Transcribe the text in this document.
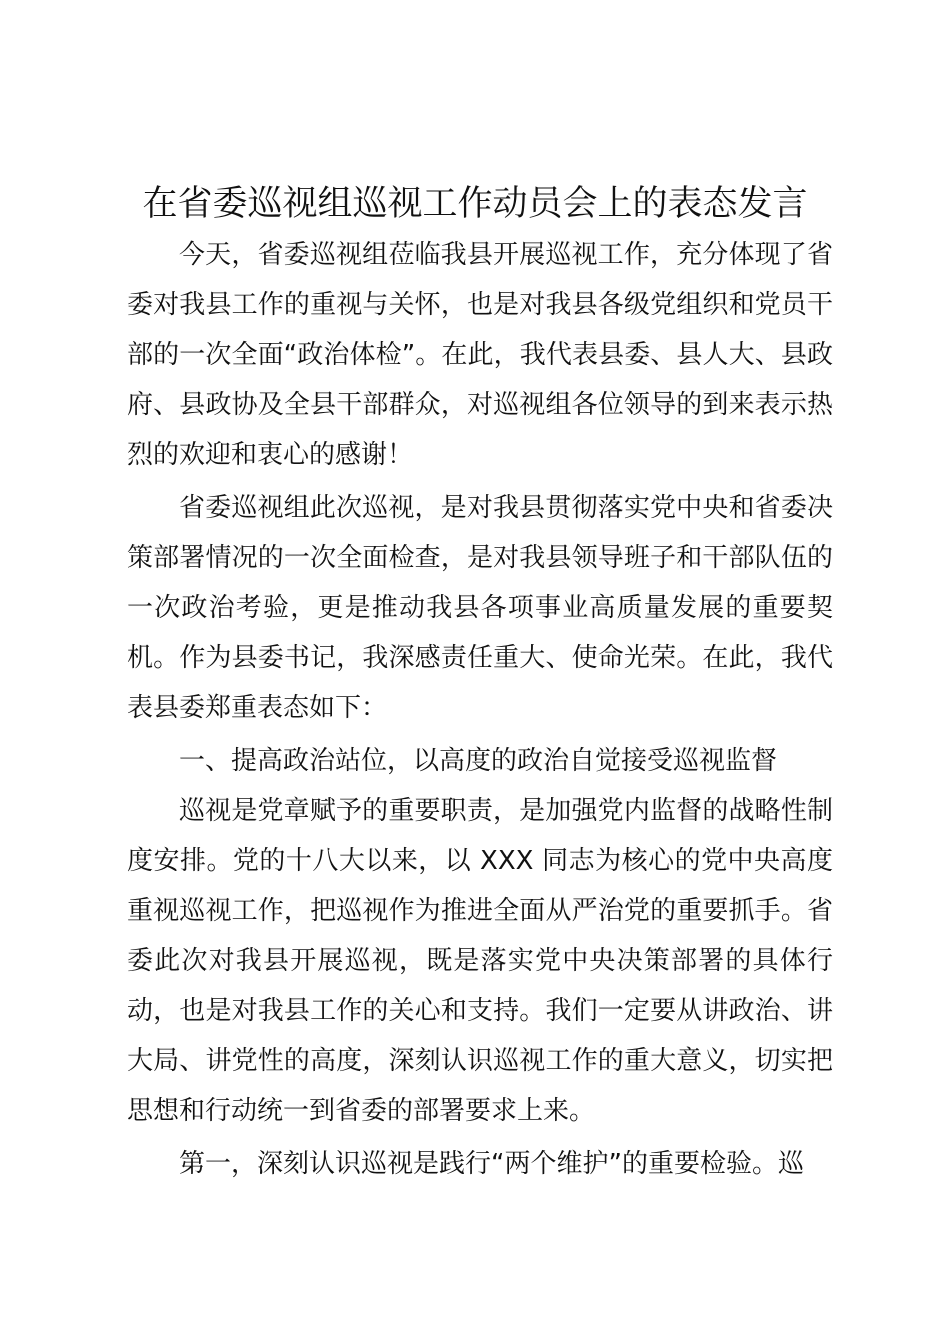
在省委巡视组巡视工作动员会上的表态发言

今天，省委巡视组莅临我县开展巡视工作，充分体现了省委对我县工作的重视与关怀，也是对我县各级党组织和党员干部的一次全面“政治体检”。在此，我代表县委、县人大、县政府、县政协及全县干部群众，对巡视组各位领导的到来表示热烈的欢迎和衷心的感谢！

省委巡视组此次巡视，是对我县贯彻落实党中央和省委决策部署情况的一次全面检查，是对我县领导班子和干部队伍的一次政治考验，更是推动我县各项事业高质量发展的重要契机。作为县委书记，我深感责任重大、使命光荣。在此，我代表县委郑重表态如下：

一、提高政治站位，以高度的政治自觉接受巡视监督

巡视是党章赋予的重要职责，是加强党内监督的战略性制度安排。党的十八大以来，以 XXX 同志为核心的党中央高度重视巡视工作，把巡视作为推进全面从严治党的重要抓手。省委此次对我县开展巡视，既是落实党中央决策部署的具体行动，也是对我县工作的关心和支持。我们一定要从讲政治、讲大局、讲党性的高度，深刻认识巡视工作的重大意义，切实把思想和行动统一到省委的部署要求上来。

第一，深刻认识巡视是践行“两个维护”的重要检验。巡
